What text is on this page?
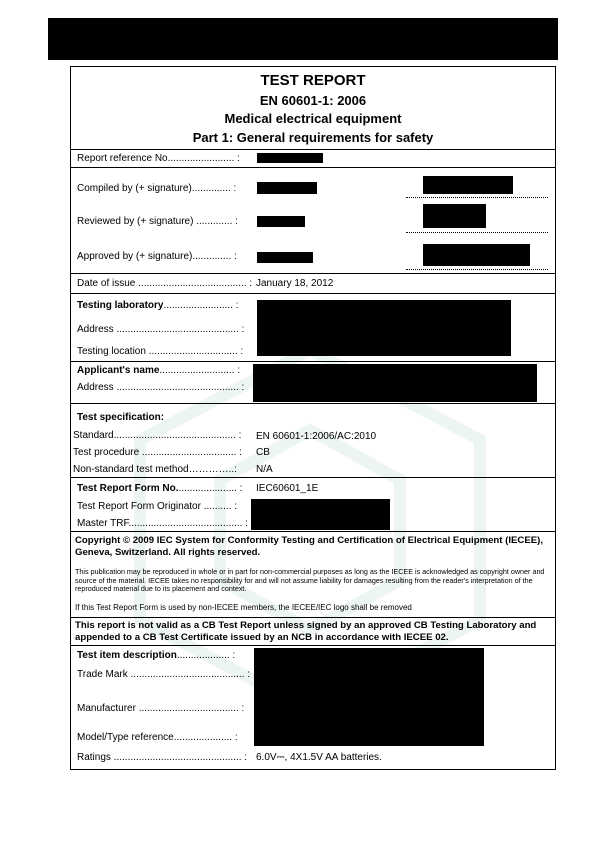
TEST REPORT
EN 60601-1: 2006
Medical electrical equipment
Part 1: General requirements for safety
Report reference No........................ :
Compiled by (+ signature).............. :
Reviewed by (+ signature) ............. :
Approved by (+ signature).............. :
Date of issue ....................................... : January 18, 2012
Testing laboratory......................... :
Address ............................................ :
Testing location ................................ :
Applicant's name........................... :
Address ............................................ :
Test specification:
Standard............................................ : EN 60601-1:2006/AC:2010
Test procedure .................................. : CB
Non-standard test method…………..: N/A
Test Report Form No...................... : IEC60601_1E
Test Report Form Originator .......... :
Master TRF......................................... :
Copyright © 2009 IEC System for Conformity Testing and Certification of Electrical Equipment (IECEE), Geneva, Switzerland. All rights reserved.
This publication may be reproduced in whole or in part for non-commercial purposes as long as the IECEE is acknowledged as copyright owner and source of the material. IECEE takes no responsibility for and will not assume liability for damages resulting from the reader's interpretation of the reproduced material due to its placement and context.
If this Test Report Form is used by non-IECEE members, the IECEE/IEC logo shall be removed
This report is not valid as a CB Test Report unless signed by an approved CB Testing Laboratory and appended to a CB Test Certificate issued by an NCB in accordance with IECEE 02.
Test item description................... :
Trade Mark ......................................... :
Manufacturer .................................... :
Model/Type reference..................... :
Ratings .............................................. : 6.0V⎓, 4X1.5V AA batteries.
